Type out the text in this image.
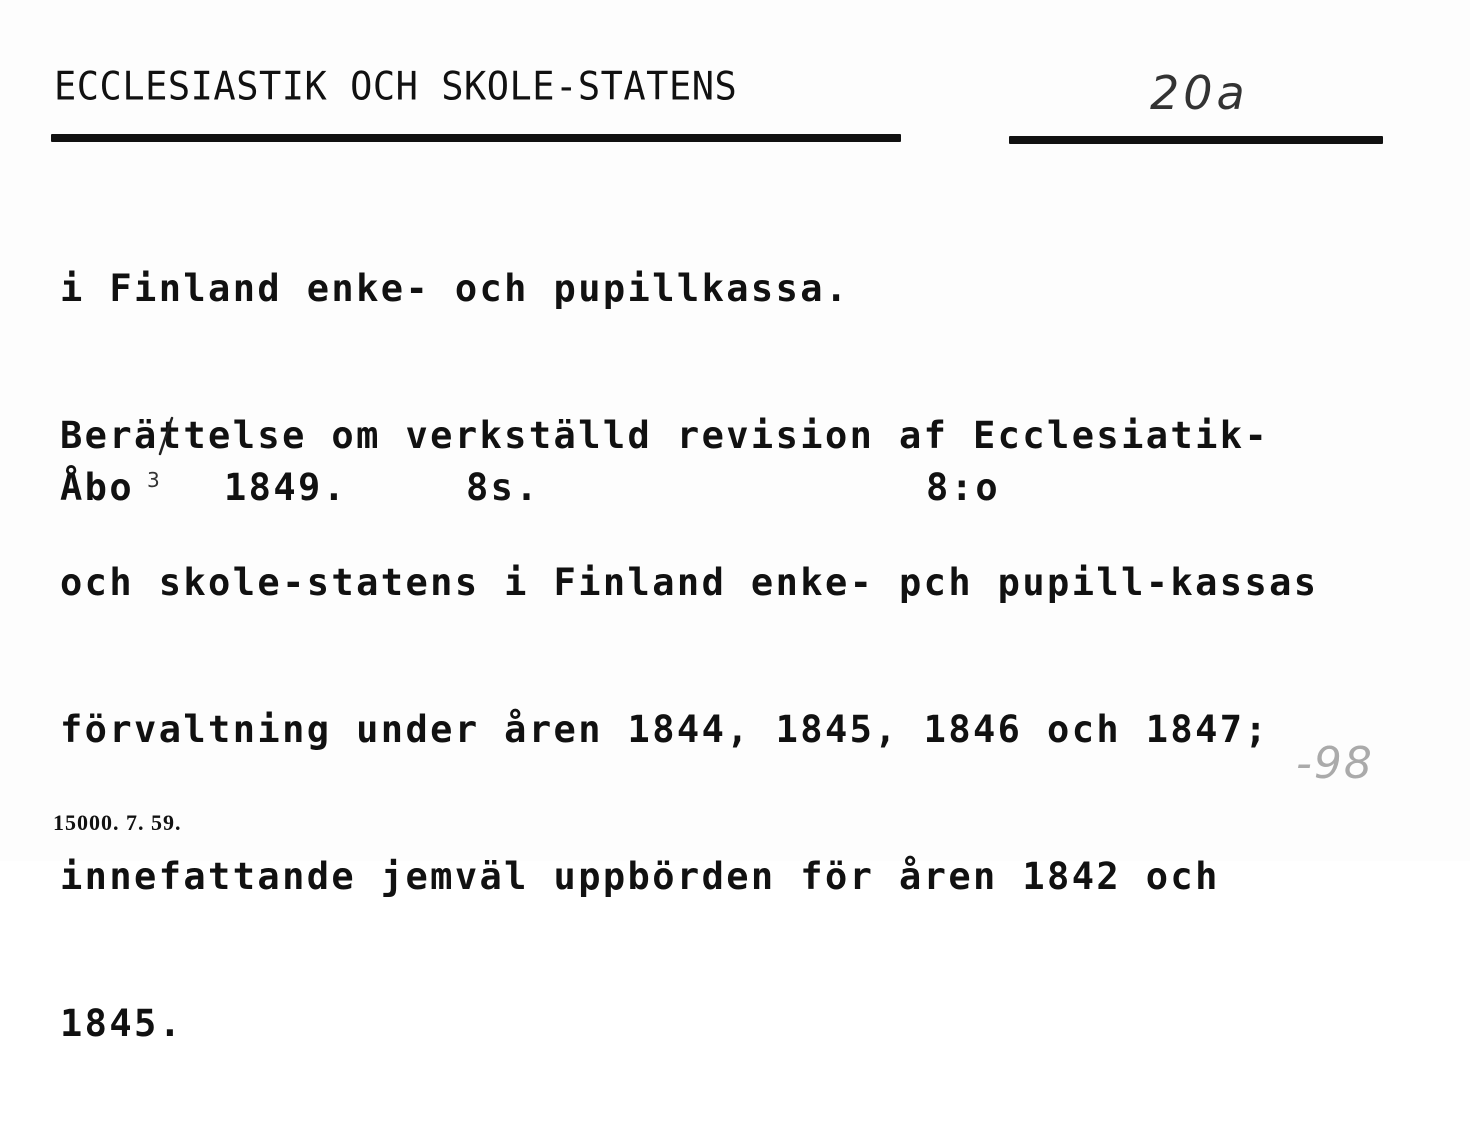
ECCLESIASTIK OCH SKOLE-STATENS	20a

i Finland enke- och pupillkassa.

Berättelse om verkställd revision af Ecclesiatik-

och skole-statens i Finland enke- pch pupill-kassas

förvaltning under åren 1844, 1845, 1846 och 1847;

innefattande jemväl uppbörden för åren 1842 och

1845.

Åbo 3 1849.	8s.	8:o
-98
15000. 7. 59.
